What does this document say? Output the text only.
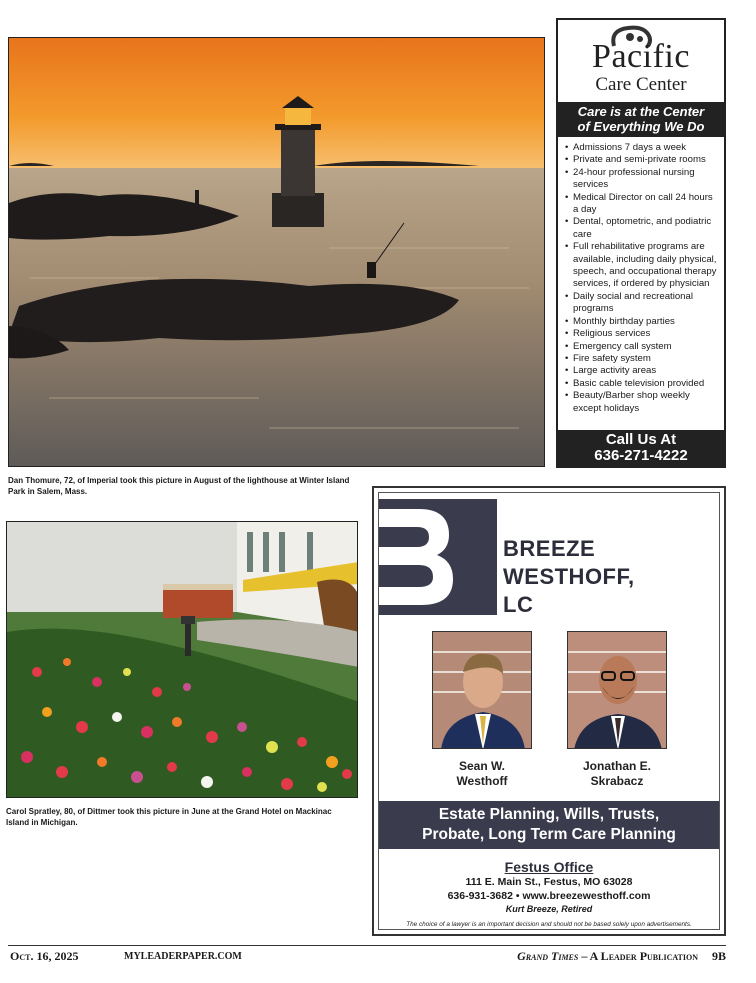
Dan Thomure, 72, of Imperial took this picture in August of the lighthouse at Winter Island Park in Salem, Mass.

Carol Spratley, 80, of Dittmer took this picture in June at the Grand Hotel on Mackinac Island in Michigan.

Pacific
Care Center
Care is at the Center
of Everything We Do
• Admissions 7 days a week
• Private and semi-private rooms
• 24-hour professional nursing services
• Medical Director on call 24 hours a day
• Dental, optometric, and podiatric care
• Full rehabilitative programs are available, including daily physical, speech, and occupational therapy services, if ordered by physician
• Daily social and recreational programs
• Monthly birthday parties
• Religious services
• Emergency call system
• Fire safety system
• Large activity areas
• Basic cable television provided
• Beauty/Barber shop weekly except holidays
Call Us At
636-271-4222
BREEZE
WESTHOFF,
LC
Sean W.
Westhoff
Jonathan E.
Skrabacz
Estate Planning, Wills, Trusts,
Probate, Long Term Care Planning
Festus Office
111 E. Main St., Festus, MO 63028
636-931-3682 • www.breezewesthoff.com
Kurt Breeze, Retired
The choice of a lawyer is an important decision and should not be based solely upon advertisements.
Oct. 16, 2025	MYLEADERPAPER.COM	Grand Times – A Leader Publication 9B
